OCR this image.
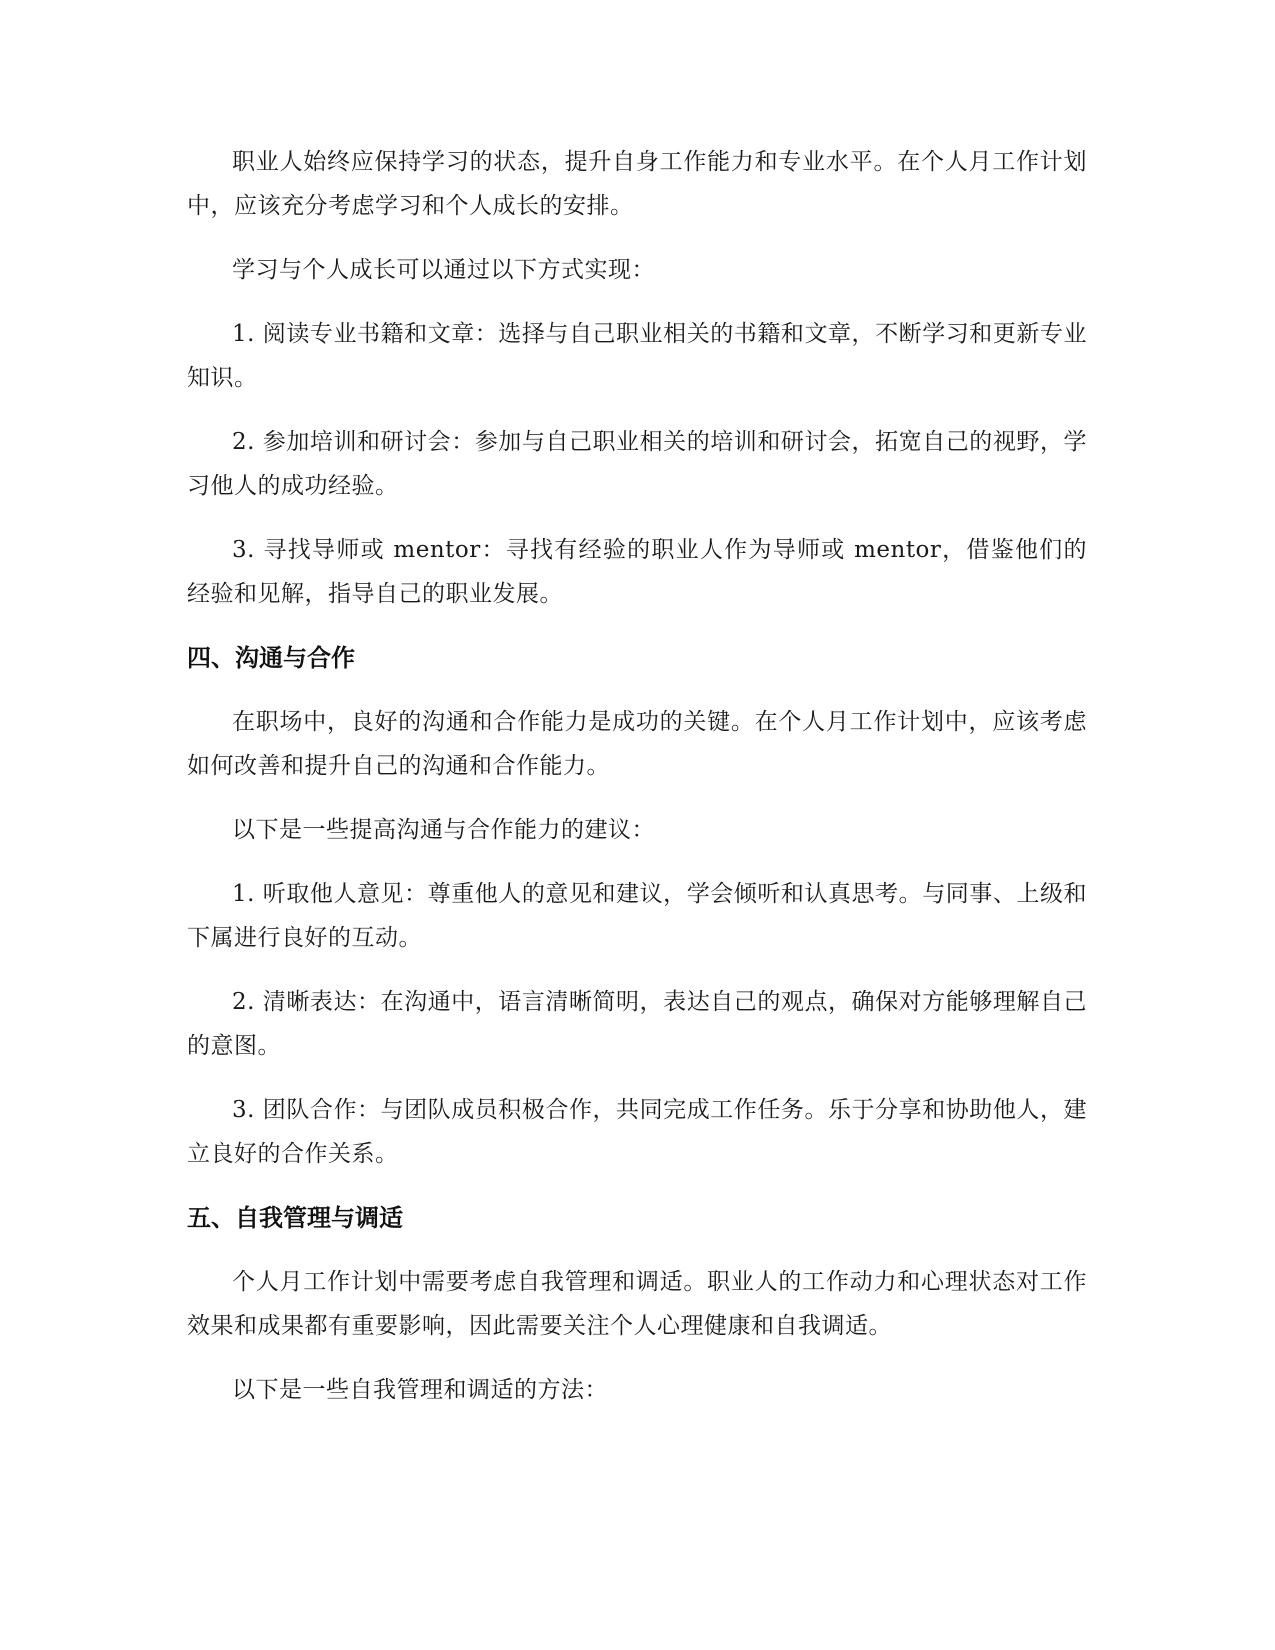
职业人始终应保持学习的状态，提升自身工作能力和专业水平。在个人月工作计划中，应该充分考虑学习和个人成长的安排。

学习与个人成长可以通过以下方式实现：

1. 阅读专业书籍和文章：选择与自己职业相关的书籍和文章，不断学习和更新专业知识。

2. 参加培训和研讨会：参加与自己职业相关的培训和研讨会，拓宽自己的视野，学习他人的成功经验。

3. 寻找导师或 mentor：寻找有经验的职业人作为导师或 mentor，借鉴他们的经验和见解，指导自己的职业发展。

四、沟通与合作

在职场中，良好的沟通和合作能力是成功的关键。在个人月工作计划中，应该考虑如何改善和提升自己的沟通和合作能力。

以下是一些提高沟通与合作能力的建议：

1. 听取他人意见：尊重他人的意见和建议，学会倾听和认真思考。与同事、上级和下属进行良好的互动。

2. 清晰表达：在沟通中，语言清晰简明，表达自己的观点，确保对方能够理解自己的意图。

3. 团队合作：与团队成员积极合作，共同完成工作任务。乐于分享和协助他人，建立良好的合作关系。

五、自我管理与调适

个人月工作计划中需要考虑自我管理和调适。职业人的工作动力和心理状态对工作效果和成果都有重要影响，因此需要关注个人心理健康和自我调适。

以下是一些自我管理和调适的方法：
